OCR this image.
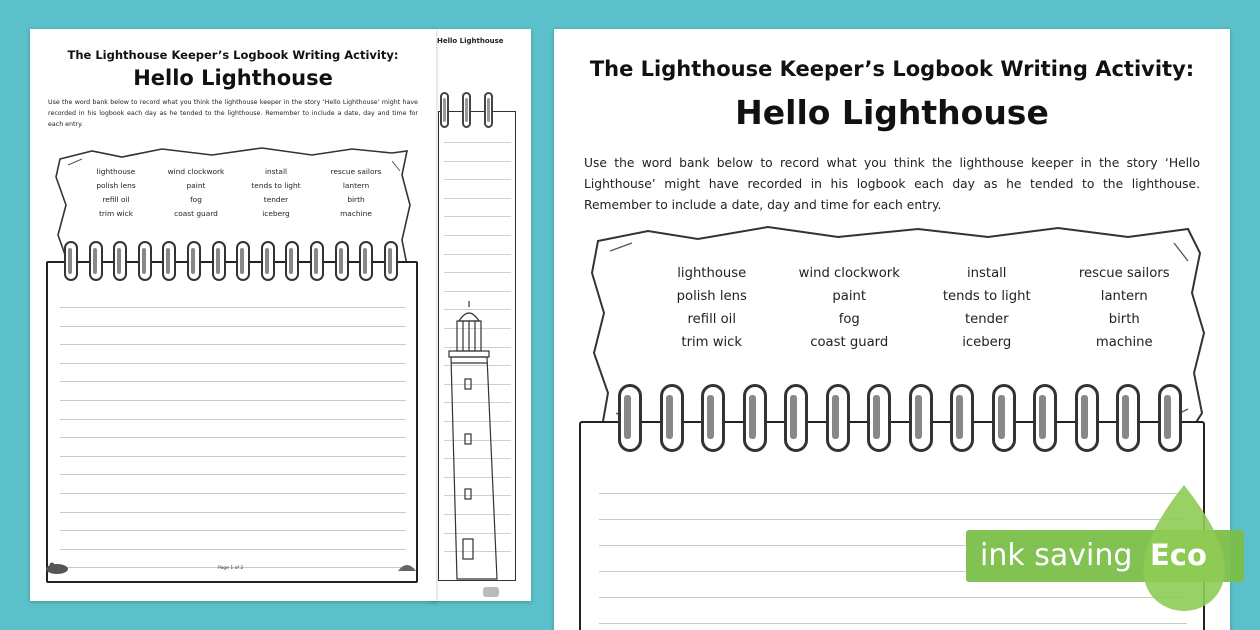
Hello Lighthouse
The Lighthouse Keeper’s Logbook Writing Activity:
Hello Lighthouse
Use the word bank below to record what you think the lighthouse keeper in the story ‘Hello Lighthouse’ might have recorded in his logbook each day as he tended to the lighthouse. Remember to include a date, day and time for each entry.
lighthouse	wind clockwork	install	rescue sailors
polish lens	paint	tends to light	lantern
refill oil	fog	tender	birth
trim wick	coast guard	iceberg	machine
Page 1 of 2
The Lighthouse Keeper’s Logbook Writing Activity:
Hello Lighthouse
Use the word bank below to record what you think the lighthouse keeper in the story ‘Hello Lighthouse’ might have recorded in his logbook each day as he tended to the lighthouse. Remember to include a date, day and time for each entry.
lighthouse	wind clockwork	install	rescue sailors
polish lens	paint	tends to light	lantern
refill oil	fog	tender	birth
trim wick	coast guard	iceberg	machine
ink saving Eco
